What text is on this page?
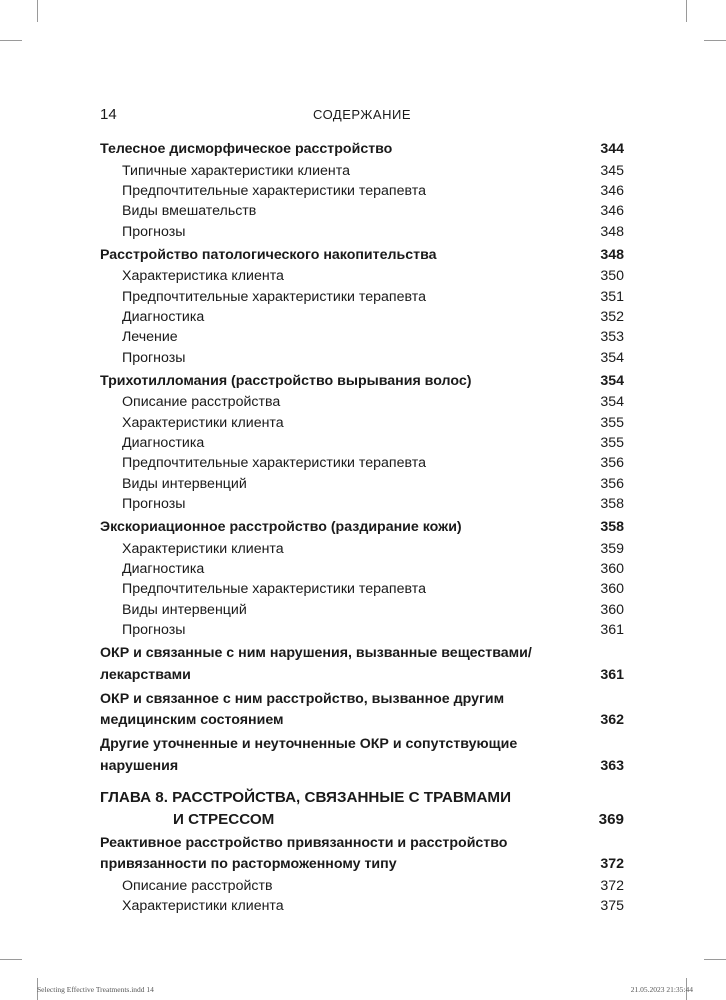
14	СОДЕРЖАНИЕ
Телесное дисморфическое расстройство	344
Типичные характеристики клиента	345
Предпочтительные характеристики терапевта	346
Виды вмешательств	346
Прогнозы	348
Расстройство патологического накопительства	348
Характеристика клиента	350
Предпочтительные характеристики терапевта	351
Диагностика	352
Лечение	353
Прогнозы	354
Трихотилломания (расстройство вырывания волос)	354
Описание расстройства	354
Характеристики клиента	355
Диагностика	355
Предпочтительные характеристики терапевта	356
Виды интервенций	356
Прогнозы	358
Экскориационное расстройство (раздирание кожи)	358
Характеристики клиента	359
Диагностика	360
Предпочтительные характеристики терапевта	360
Виды интервенций	360
Прогнозы	361
ОКР и связанные с ним нарушения, вызванные веществами/ лекарствами	361
ОКР и связанное с ним расстройство, вызванное другим медицинским состоянием	362
Другие уточненные и неуточненные ОКР и сопутствующие нарушения	363
ГЛАВА 8. РАССТРОЙСТВА, СВЯЗАННЫЕ С ТРАВМАМИ
И СТРЕССОМ	369
Реактивное расстройство привязанности и расстройство привязанности по расторможенному типу	372
Описание расстройств	372
Характеристики клиента	375
Selecting Effective Treatments.indd 14	21.05.2023 21:35:44
